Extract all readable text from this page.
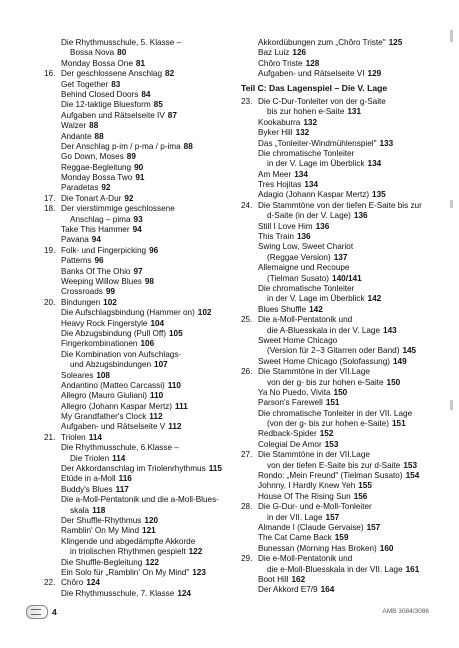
Die Rhythmusschule, 5. Klasse –
Bossa Nova 80
Monday Bossa One 81
16. Der geschlossene Anschlag 82
Get Together 83
Behind Closed Doors 84
Die 12-taktige Bluesform 85
Aufgaben und Rätselseite IV 87
Walzer 88
Andante 88
Der Anschlag p-im / p-ma / p-ima 88
Go Down, Moses 89
Reggae-Begleitung 90
Monday Bossa Two 91
Paradetas 92
17. Die Tonart A-Dur 92
18. Der vierstimmige geschlossene
Anschlag – pima 93
Take This Hammer 94
Pavana 94
19. Folk- und Fingerpicking 96
Patterns 96
Banks Of The Ohio 97
Weeping Willow Blues 98
Crossroads 99
20. Bindungen 102
Die Aufschlagsbindung (Hammer on) 102
Heavy Rock Fingerstyle 104
Die Abzugsbindung (Pull Off) 105
Fingerkombinationen 106
Die Kombination von Aufschlags-
und Abzugsbindungen 107
Soleares 108
Andantino (Matteo Carcassi) 110
Allegro (Mauro Giuliani) 110
Allegro (Johann Kaspar Mertz) 111
My Grandfather's Clock 112
Aufgaben- und Rätselseite V 112
21. Triolen 114
Die Rhythmusschule, 6.Klasse –
Die Triolen 114
Der Akkordanschlag im Triolenrhythmus 115
Etüde in a-Moll 116
Buddy's Blues 117
Die a-Moll-Pentatonik und die a-Moll-Blues-
skala 118
Der Shuffle-Rhythmus 120
Ramblin' On My Mind 121
Klingende und abgedämpfte Akkorde
in triolischen Rhythmen gespielt 122
Die Shuffle-Begleitung 122
Ein Solo für „Ramblin' On My Mind" 123
22. Chôro 124
Die Rhythmusschule, 7. Klasse 124
Akkordübungen zum „Chôro Triste" 125
Baz Luiz 126
Chôro Triste 128
Aufgaben- und Rätselseite VI 129
Teil C: Das Lagenspiel – Die V. Lage
23. Die C-Dur-Tonleiter von der g-Saite
bis zur hohen e-Saite 131
Kookaburra 132
Byker Hill 132
Das „Tonleiter-Windmühlenspiel" 133
Die chromatische Tonleiter
in der V. Lage im Überblick 134
Am Meer 134
Tres Hojitas 134
Adagio (Johann Kaspar Mertz) 135
24. Die Stammtöne von der tiefen E-Saite bis zur
d-Saite (in der V. Lage) 136
Still I Love Him 136
This Train 136
Swing Low, Sweet Chariot
(Reggae Version) 137
Allemaigne und Recoupe
(Tielman Susato) 140/141
Die chromatische Tonleiter
in der V. Lage im Überblick 142
Blues Shuffle 142
25. Die a-Moll-Pentatonik und
die A-Bluesskala in der V. Lage 143
Sweet Home Chicago
(Version für 2–3 Gitarren oder Band) 145
Sweet Home Chicago (Solofassung) 149
26. Die Stammtöne in der VII.Lage
von der g- bis zur hohen e-Saite 150
Ya No Puedo, Vivita 150
Parson's Farewell 151
Die chromatische Tonleiter in der VII. Lage
(von der g- bis zur hohen e-Saite) 151
Redback-Spider 152
Colegial De Amor 153
27. Die Stammtöne in der VII.Lage
von der tiefen E-Saite bis zur d-Saite 153
Rondo: „Mein Freund" (Tielman Susato) 154
Johnny, I Hardly Knew Yeh 155
House Of The Rising Sun 156
28. Die G-Dur- und e-Moll-Tonleiter
in der VII. Lage 157
Almande I (Claude Gervaise) 157
The Cat Came Back 159
Bunessan (Morning Has Broken) 160
29. Die e-Moll-Pentatonik und
die e-Moll-Bluesskala in der VII. Lage 161
Boot Hill 162
Der Akkord E7/9 164
4	AMB 3084/3086
